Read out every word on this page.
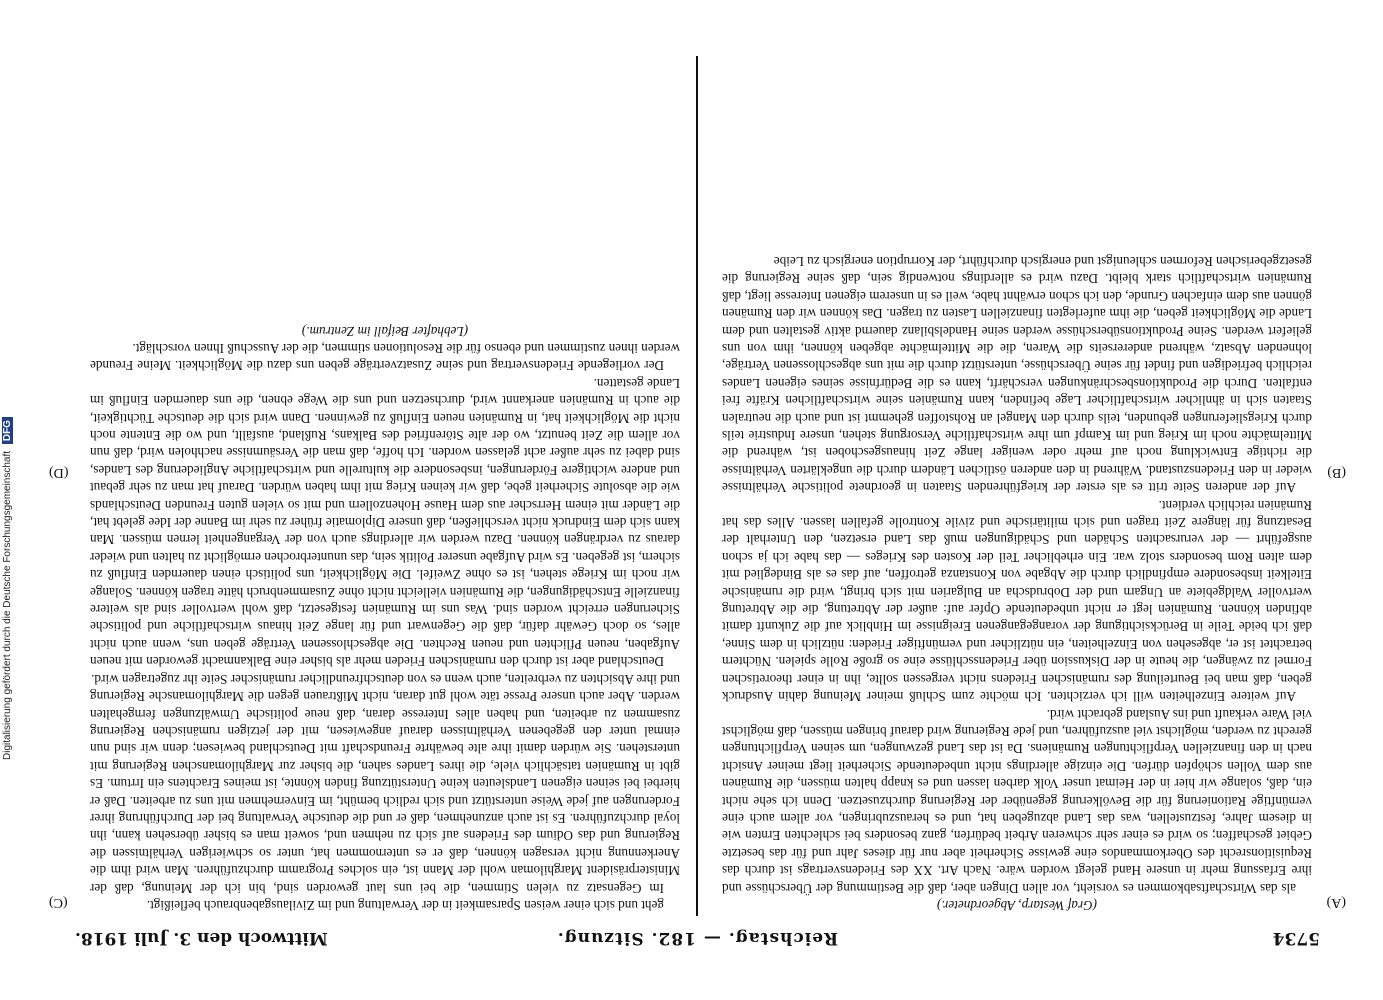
5734
Reichstag. — 182. Sitzung.
Mittwoch den 3. Juli 1918.
(A)
(B)
(C)
(D)

(Graf Westarp, Abgeordneter.)

als das Wirtschaftsabkommen es vorsieht, vor allen Dingen aber, daß die Bestimmung der Überschüsse und ihre Erfassung mehr in unsere Hand gelegt worden wäre. Nach Art. XX des Friedensvertrags ist durch das Requisitionsrecht des Oberkommandos eine gewisse Sicherheit aber nur für dieses Jahr und für das besetzte Gebiet geschaffen; so wird es einer sehr schweren Arbeit bedürfen, ganz besonders bei schlechten Ernten wie in diesem Jahre, festzustellen, was das Land abzugeben hat, und es herauszubringen, vor allem auch eine vernünftige Rationierung für die Bevölkerung gegenüber der Regierung durchzusetzen. Denn ich sehe nicht ein, daß, solange wir hier in der Heimat unser Volk darben lassen und es knapp halten müssen, die Rumänen aus dem Vollen schöpfen dürfen. Die einzige allerdings nicht unbedeutende Sicherheit liegt meiner Ansicht nach in den finanziellen Verpflichtungen Rumäniens. Da ist das Land gezwungen, um seinen Verpflichtungen gerecht zu werden, möglichst viel auszuführen, und jede Regierung wird darauf bringen müssen, daß möglichst viel Ware verkauft und ins Ausland gebracht wird.

Auf weitere Einzelheiten will ich verzichten. Ich möchte zum Schluß meiner Meinung dahin Ausdruck geben, daß man bei Beurteilung des rumänischen Friedens nicht vergessen sollte, ihn in einer theoretischen Formel zu zwängen, die heute in der Diskussion über Friedensschlüsse eine so große Rolle spielen. Nüchtern betrachtet ist er, abgesehen von Einzelheiten, ein nützlicher und vernünftiger Frieden: nützlich in dem Sinne, daß ich beide Teile in Berücksichtigung der vorangegangenen Ereignisse im Hinblick auf die Zukunft damit abfinden können. Rumänien legt er nicht unbedeutende Opfer auf: außer der Abtretung, die die Abtretung wertvoller Waldgebiete an Ungarn und der Dobrudscha an Bulgarien mit sich bringt, wird die rumänische Eitelkeit insbesondere empfindlich durch die Abgabe von Konstanza getroffen, auf das es als Bindeglied mit dem alten Rom besonders stolz war. Ein erheblicher Teil der Kosten des Krieges — das habe ich ja schon ausgeführt — der verursachten Schäden und Schädigungen muß das Land ersetzen, den Unterhalt der Besatzung für längere Zeit tragen und sich militärische und zivile Kontrolle gefallen lassen. Alles das hat Rumänien reichlich verdient.

Auf der anderen Seite tritt es als erster der kriegführenden Staaten in geordnete politische Verhältnisse wieder in den Friedenszustand. Während in den anderen östlichen Ländern durch die ungeklärten Verhältnisse die richtige Entwicklung noch auf mehr oder weniger lange Zeit hinausgeschoben ist, während die Mittelmächte noch im Krieg und im Kampf um ihre wirtschaftliche Versorgung stehen, unsere Industrie teils durch Kriegslieferungen gebunden, teils durch den Mangel an Rohstoffen gehemmt ist und auch die neutralen Staaten sich in ähnlicher wirtschaftlicher Lage befinden, kann Rumänien seine wirtschaftlichen Kräfte frei entfalten. Durch die Produktionsbeschränkungen verschärft, kann es die Bedürfnisse seines eigenen Landes reichlich befriedigen und findet für seine Überschüsse, unterstützt durch die mit uns abgeschlossenen Verträge, lohnenden Absatz, während andererseits die Waren, die die Mittelmächte abgeben können, ihm von uns geliefert werden. Seine Produktionsüberschüsse werden seine Handelsbilanz dauernd aktiv gestalten und dem Lande die Möglichkeit geben, die ihm auferlegten finanziellen Lasten zu tragen. Das können wir den Rumänen gönnen aus dem einfachen Grunde, den ich schon erwähnt habe, weil es in unserem eigenen Interesse liegt, daß Rumänien wirtschaftlich stark bleibt. Dazu wird es allerdings notwendig sein, daß seine Regierung die gesetzgeberischen Reformen schleunigst und energisch durchführt, der Korruption energisch zu Leibe

geht und sich einer weisen Sparsamkeit in der Verwaltung und im Zivilausgabenbrauch befleißigt.

Im Gegensatz zu vielen Stimmen, die bei uns laut geworden sind, bin ich der Meinung, daß der Ministerpräsident Marghiloman wohl der Mann ist, ein solches Programm durchzuführen. Man wird ihm die Anerkennung nicht versagen können, daß er es unternommen hat, unter so schwierigen Verhältnissen die Regierung und das Odium des Friedens auf sich zu nehmen und, soweit man es bisher übersehen kann, ihn loyal durchzuführen. Es ist auch anzunehmen, daß er und die deutsche Verwaltung bei der Durchführung ihrer Forderungen auf jede Weise unterstützt und sich redlich bemüht, im Einvernehmen mit uns zu arbeiten. Daß er hierbei bei seinen eigenen Landsleuten keine Unterstützung finden könnte, ist meines Erachtens ein Irrtum. Es gibt in Rumänien tatsächlich viele, die ihres Landes sahen, die bisher zur Marghilomanschen Regierung mit unterstehen. Sie würden damit ihre alte bewährte Freundschaft mit Deutschland bewiesen; denn wir sind nun einmal unter den gegebenen Verhältnissen darauf angewiesen, mit der jetzigen rumänischen Regierung zusammen zu arbeiten, und haben alles Interesse daran, daß neue politische Umwälzungen ferngehalten werden. Aber auch unsere Presse täte wohl gut daran, nicht Mißtrauen gegen die Marghilomansche Regierung und ihre Absichten zu verbreiten, auch wenn es von deutschfreundlicher rumänischer Seite ihr zugetragen wird.

Deutschland aber ist durch den rumänischen Frieden mehr als bisher eine Balkanmacht geworden mit neuen Aufgaben, neuen Pflichten und neuen Rechten. Die abgeschlossenen Verträge geben uns, wenn auch nicht alles, so doch Gewähr dafür, daß die Gegenwart und für lange Zeit hinaus wirtschaftliche und politische Sicherungen erreicht worden sind. Was uns im Rumänien festgesetzt, daß wohl wertvoller sind als weitere finanzielle Entschädigungen, die Rumänien vielleicht nicht ohne Zusammenbruch hätte tragen können. Solange wir noch im Kriege stehen, ist es ohne Zweifel. Die Möglichkeit, uns politisch einen dauernden Einfluß zu sichern, ist gegeben. Es wird Aufgabe unserer Politik sein, das ununterbrochen ermöglicht zu halten und wieder daraus zu verdrängen können. Dazu werden wir allerdings auch von der Vergangenheit lernen müssen. Man kann sich dem Eindruck nicht verschließen, daß unsere Diplomatie früher zu sehr im Banne der Idee gelebt hat, die Länder mit einem Herrscher aus dem Hause Hohenzollern und mit so vielen guten Freunden Deutschlands wie die absolute Sicherheit gebe, daß wir keinen Krieg mit ihm haben würden. Darauf hat man zu sehr gebaut und andere wichtigere Förderungen, insbesondere die kulturelle und wirtschaftliche Angliederung des Landes, sind dabei zu sehr außer acht gelassen worden. Ich hoffe, daß man die Versäumnisse nachholen wird, daß nun vor allem die Zeit benutzt, wo der alte Störenfried des Balkans, Rußland, ausfällt, und wo die Entente noch nicht die Möglichkeit hat, in Rumänien neuen Einfluß zu gewinnen. Dann wird sich die deutsche Tüchtigkeit, die auch in Rumänien anerkannt wird, durchsetzen und uns die Wege ebnen, die uns dauernden Einfluß im Lande gestatten.

Der vorliegende Friedensvertrag und seine Zusatzverträge geben uns dazu die Möglichkeit. Meine Freunde werden ihnen zustimmen und ebenso für die Resolutionen stimmen, die der Ausschuß Ihnen vorschlägt.

(Lebhafter Beifall im Zentrum.)

Digitalisierung gefördert durch die Deutsche Forschungsgemeinschaft DFG
